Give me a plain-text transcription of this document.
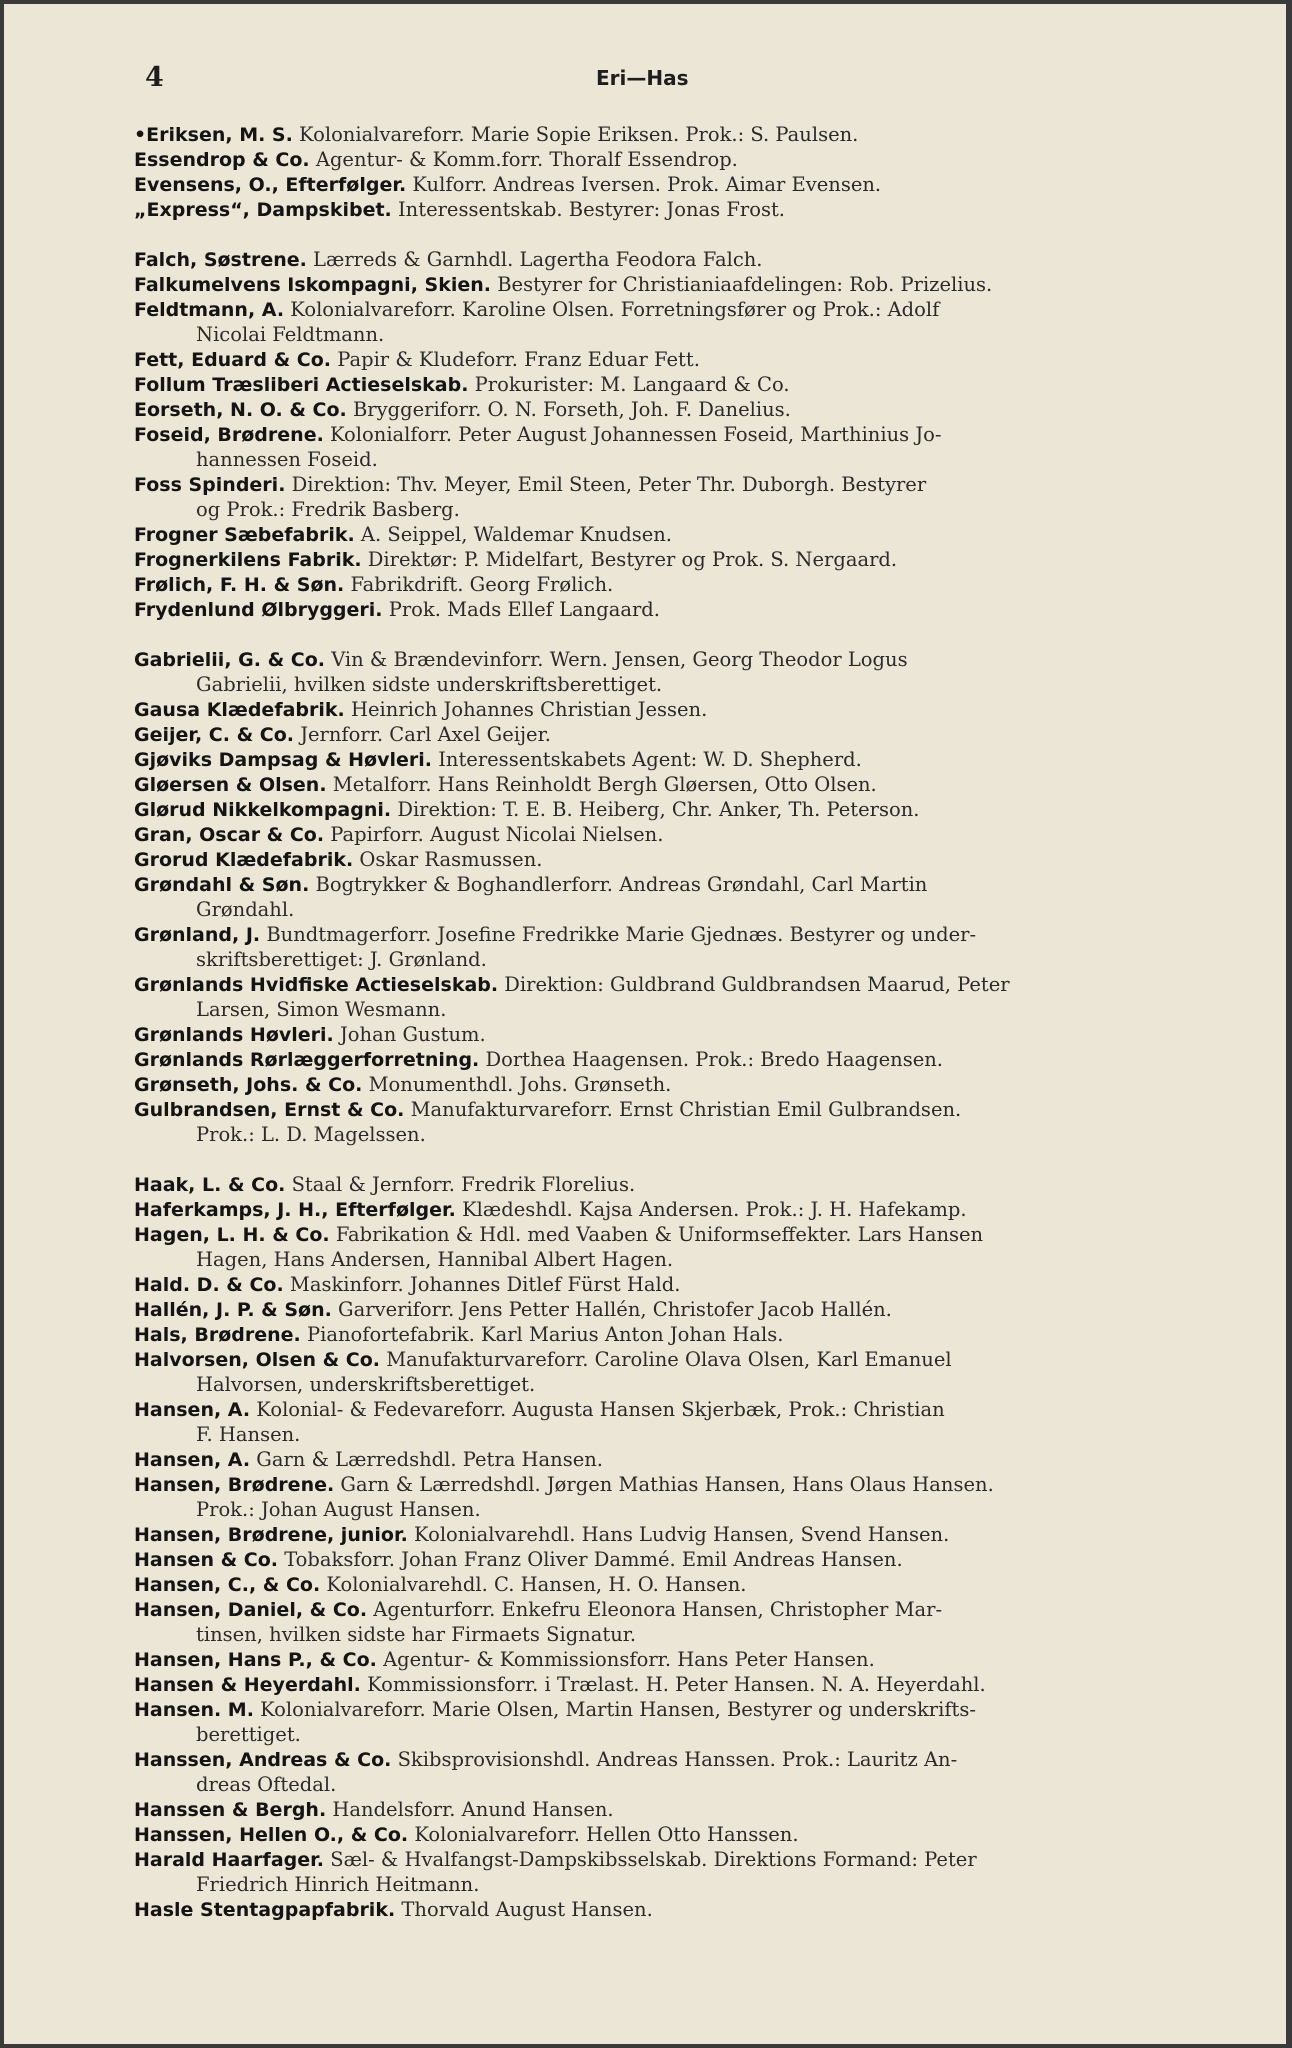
4	Eri—Has
•Eriksen, M. S. Kolonialvareforr. Marie Sopie Eriksen. Prok.: S. Paulsen.
Essendrop & Co. Agentur- & Komm.forr. Thoralf Essendrop.
Evensens, O., Efterfølger. Kulforr. Andreas Iversen. Prok. Aimar Evensen.
„Express“, Dampskibet. Interessentskab. Bestyrer: Jonas Frost.
Falch, Søstrene. Lærreds & Garnhdl. Lagertha Feodora Falch.
Falkumelvens Iskompagni, Skien. Bestyrer for Christianiaafdelingen: Rob. Prizelius.
Feldtmann, A. Kolonialvareforr. Karoline Olsen. Forretningsfører og Prok.: Adolf
Nicolai Feldtmann.
Fett, Eduard & Co. Papir & Kludeforr. Franz Eduar Fett.
Follum Træsliberi Actieselskab. Prokurister: M. Langaard & Co.
Eorseth, N. O. & Co. Bryggeriforr. O. N. Forseth, Joh. F. Danelius.
Foseid, Brødrene. Kolonialforr. Peter August Johannessen Foseid, Marthinius Jo-
hannessen Foseid.
Foss Spinderi. Direktion: Thv. Meyer, Emil Steen, Peter Thr. Duborgh. Bestyrer
og Prok.: Fredrik Basberg.
Frogner Sæbefabrik. A. Seippel, Waldemar Knudsen.
Frognerkilens Fabrik. Direktør: P. Midelfart, Bestyrer og Prok. S. Nergaard.
Frølich, F. H. & Søn. Fabrikdrift. Georg Frølich.
Frydenlund Ølbryggeri. Prok. Mads Ellef Langaard.
Gabrielii, G. & Co. Vin & Brændevinforr. Wern. Jensen, Georg Theodor Logus
Gabrielii, hvilken sidste underskriftsberettiget.
Gausa Klædefabrik. Heinrich Johannes Christian Jessen.
Geijer, C. & Co. Jernforr. Carl Axel Geijer.
Gjøviks Dampsag & Høvleri. Interessentskabets Agent: W. D. Shepherd.
Gløersen & Olsen. Metalforr. Hans Reinholdt Bergh Gløersen, Otto Olsen.
Glørud Nikkelkompagni. Direktion: T. E. B. Heiberg, Chr. Anker, Th. Peterson.
Gran, Oscar & Co. Papirforr. August Nicolai Nielsen.
Grorud Klædefabrik. Oskar Rasmussen.
Grøndahl & Søn. Bogtrykker & Boghandlerforr. Andreas Grøndahl, Carl Martin
Grøndahl.
Grønland, J. Bundtmagerforr. Josefine Fredrikke Marie Gjednæs. Bestyrer og under-
skriftsberettiget: J. Grønland.
Grønlands Hvidfiske Actieselskab. Direktion: Guldbrand Guldbrandsen Maarud, Peter
Larsen, Simon Wesmann.
Grønlands Høvleri. Johan Gustum.
Grønlands Rørlæggerforretning. Dorthea Haagensen. Prok.: Bredo Haagensen.
Grønseth, Johs. & Co. Monumenthdl. Johs. Grønseth.
Gulbrandsen, Ernst & Co. Manufakturvareforr. Ernst Christian Emil Gulbrandsen.
Prok.: L. D. Magelssen.
Haak, L. & Co. Staal & Jernforr. Fredrik Florelius.
Haferkamps, J. H., Efterfølger. Klædeshdl. Kajsa Andersen. Prok.: J. H. Hafekamp.
Hagen, L. H. & Co. Fabrikation & Hdl. med Vaaben & Uniformseffekter. Lars Hansen
Hagen, Hans Andersen, Hannibal Albert Hagen.
Hald. D. & Co. Maskinforr. Johannes Ditlef Fürst Hald.
Hallén, J. P. & Søn. Garveriforr. Jens Petter Hallén, Christofer Jacob Hallén.
Hals, Brødrene. Pianofortefabrik. Karl Marius Anton Johan Hals.
Halvorsen, Olsen & Co. Manufakturvareforr. Caroline Olava Olsen, Karl Emanuel
Halvorsen, underskriftsberettiget.
Hansen, A. Kolonial- & Fedevareforr. Augusta Hansen Skjerbæk, Prok.: Christian
F. Hansen.
Hansen, A. Garn & Lærredshdl. Petra Hansen.
Hansen, Brødrene. Garn & Lærredshdl. Jørgen Mathias Hansen, Hans Olaus Hansen.
Prok.: Johan August Hansen.
Hansen, Brødrene, junior. Kolonialvarehdl. Hans Ludvig Hansen, Svend Hansen.
Hansen & Co. Tobaksforr. Johan Franz Oliver Dammé. Emil Andreas Hansen.
Hansen, C., & Co. Kolonialvarehdl. C. Hansen, H. O. Hansen.
Hansen, Daniel, & Co. Agenturforr. Enkefru Eleonora Hansen, Christopher Mar-
tinsen, hvilken sidste har Firmaets Signatur.
Hansen, Hans P., & Co. Agentur- & Kommissionsforr. Hans Peter Hansen.
Hansen & Heyerdahl. Kommissionsforr. i Trælast. H. Peter Hansen. N. A. Heyerdahl.
Hansen. M. Kolonialvareforr. Marie Olsen, Martin Hansen, Bestyrer og underskrifts-
berettiget.
Hanssen, Andreas & Co. Skibsprovisionshdl. Andreas Hanssen. Prok.: Lauritz An-
dreas Oftedal.
Hanssen & Bergh. Handelsforr. Anund Hansen.
Hanssen, Hellen O., & Co. Kolonialvareforr. Hellen Otto Hanssen.
Harald Haarfager. Sæl- & Hvalfangst-Dampskibsselskab. Direktions Formand: Peter
Friedrich Hinrich Heitmann.
Hasle Stentagpapfabrik. Thorvald August Hansen.
